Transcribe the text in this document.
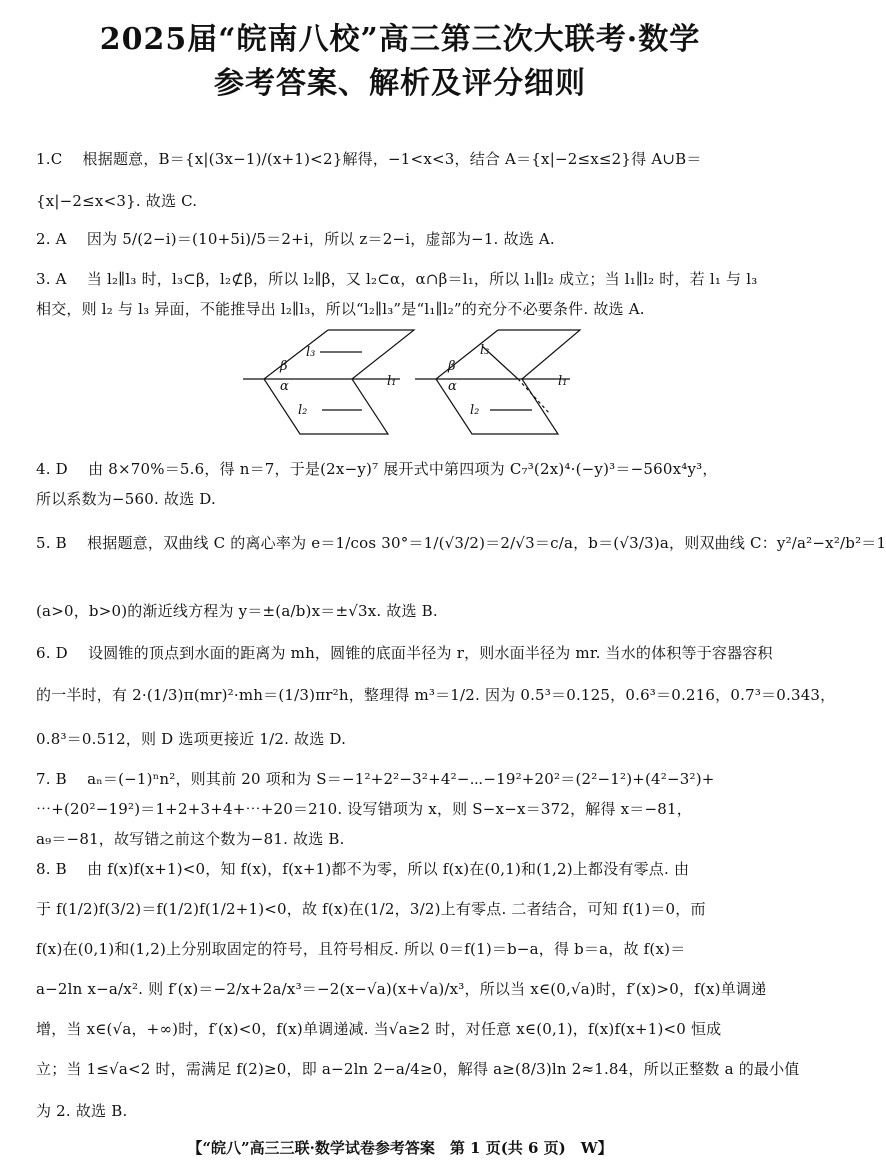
2025届“皖南八校”高三第三次大联考·数学
参考答案、解析及评分细则
1.C　 根据题意，B＝{x|(3x−1)/(x+1)<2}解得，−1<x<3，结合 A＝{x|−2≤x≤2}得 A∪B＝
{x|−2≤x<3}. 故选 C.
2. A　 因为 5/(2−i)＝(10+5i)/5＝2+i，所以 z＝2−i，虚部为−1. 故选 A.
3. A　 当 l₂∥l₃ 时，l₃⊂β，l₂⊄β，所以 l₂∥β，又 l₂⊂α，α∩β＝l₁，所以 l₁∥l₂ 成立；当 l₁∥l₂ 时，若 l₁ 与 l₃
相交，则 l₂ 与 l₃ 异面，不能推导出 l₂∥l₃，所以“l₂∥l₃”是“l₁∥l₂”的充分不必要条件. 故选 A.
l₃
β
α	l₁
l₂
l₃
β
α	l₁
l₂
4. D　 由 8×70%＝5.6，得 n＝7，于是(2x−y)⁷ 展开式中第四项为 C₇³(2x)⁴·(−y)³＝−560x⁴y³，
所以系数为−560. 故选 D.
5. B　 根据题意，双曲线 C 的离心率为 e＝1/cos 30°＝1/(√3/2)＝2/√3＝c/a，b＝(√3/3)a，则双曲线 C：y²/a²−x²/b²＝1
(a>0，b>0)的渐近线方程为 y＝±(a/b)x＝±√3x. 故选 B.
6. D　 设圆锥的顶点到水面的距离为 mh，圆锥的底面半径为 r，则水面半径为 mr. 当水的体积等于容器容积
的一半时，有 2·(1/3)π(mr)²·mh＝(1/3)πr²h，整理得 m³＝1/2. 因为 0.5³＝0.125，0.6³＝0.216，0.7³＝0.343，
0.8³＝0.512，则 D 选项更接近 1/2. 故选 D.
7. B　 aₙ＝(−1)ⁿn²，则其前 20 项和为 S＝−1²+2²−3²+4²−⋯−19²+20²＝(2²−1²)+(4²−3²)+
⋯+(20²−19²)＝1+2+3+4+⋯+20＝210. 设写错项为 x，则 S−x−x＝372，解得 x＝−81，
a₉＝−81，故写错之前这个数为−81. 故选 B.
8. B　 由 f(x)f(x+1)<0，知 f(x)，f(x+1)都不为零，所以 f(x)在(0,1)和(1,2)上都没有零点. 由
于 f(1/2)f(3/2)＝f(1/2)f(1/2+1)<0，故 f(x)在(1/2，3/2)上有零点. 二者结合，可知 f(1)＝0，而
f(x)在(0,1)和(1,2)上分别取固定的符号，且符号相反. 所以 0＝f(1)＝b−a，得 b＝a，故 f(x)＝
a−2ln x−a/x². 则 f′(x)＝−2/x+2a/x³＝−2(x−√a)(x+√a)/x³，所以当 x∈(0,√a)时，f′(x)>0，f(x)单调递
增，当 x∈(√a，+∞)时，f′(x)<0，f(x)单调递减. 当√a≥2 时，对任意 x∈(0,1)，f(x)f(x+1)<0 恒成
立；当 1≤√a<2 时，需满足 f(2)≥0，即 a−2ln 2−a/4≥0，解得 a≥(8/3)ln 2≈1.84，所以正整数 a 的最小值
为 2. 故选 B.
【“皖八”高三三联·数学试卷参考答案　第 1 页(共 6 页)　W】
